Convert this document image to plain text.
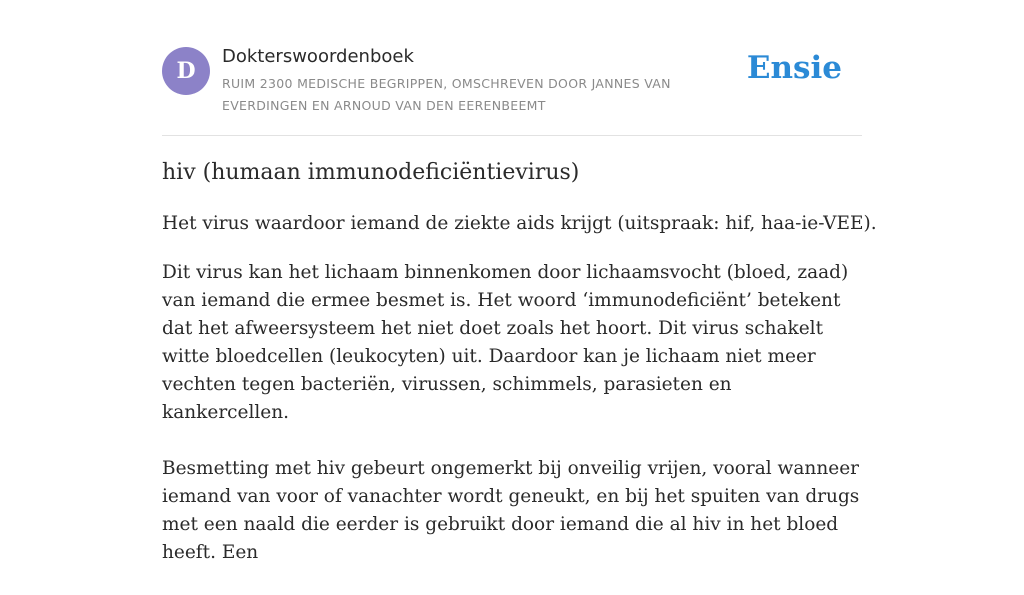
D
Dokterswoordenboek
RUIM 2300 MEDISCHE BEGRIPPEN, OMSCHREVEN DOOR JANNES VAN EVERDINGEN EN ARNOUD VAN DEN EERENBEEMT
Ensie
hiv (humaan immunodeficiëntievirus)
Het virus waardoor iemand de ziekte aids krijgt (uitspraak: hif, haa-ie-VEE).

Dit virus kan het lichaam binnenkomen door lichaamsvocht (bloed, zaad) van iemand die ermee besmet is. Het woord ‘immunodeficiënt’ betekent dat het afweersysteem het niet doet zoals het hoort. Dit virus schakelt witte bloedcellen (leukocyten) uit. Daardoor kan je lichaam niet meer vechten tegen bacteriën, virussen, schimmels, parasieten en kankercellen.

Besmetting met hiv gebeurt ongemerkt bij onveilig vrijen, vooral wanneer iemand van voor of vanachter wordt geneukt, en bij het spuiten van drugs met een naald die eerder is gebruikt door iemand die al hiv in het bloed heeft. Een
